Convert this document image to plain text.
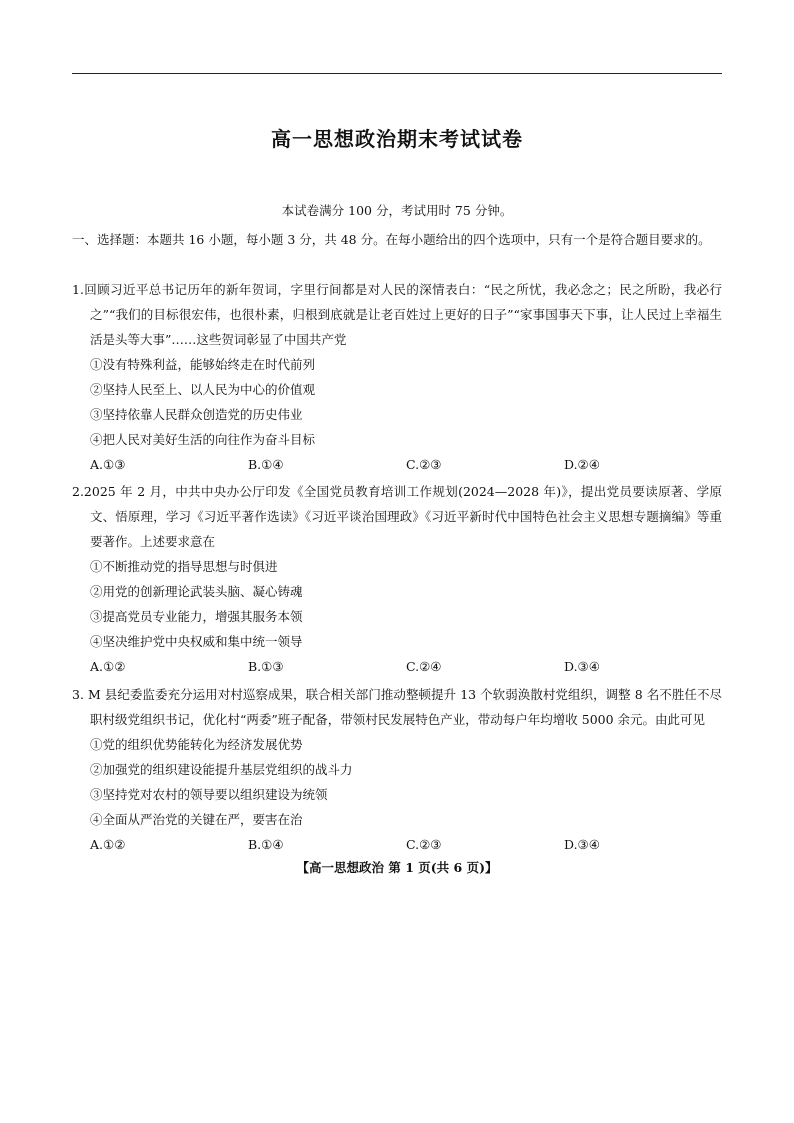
高一思想政治期末考试试卷
本试卷满分 100 分，考试用时 75 分钟。
一、选择题：本题共 16 小题，每小题 3 分，共 48 分。在每小题给出的四个选项中，只有一个是符合题目要求的。
1.回顾习近平总书记历年的新年贺词，字里行间都是对人民的深情表白：“民之所忧，我必念之；民之所盼，我必行之”“我们的目标很宏伟，也很朴素，归根到底就是让老百姓过上更好的日子”“家事国事天下事，让人民过上幸福生活是头等大事”……这些贺词彰显了中国共产党
①没有特殊利益，能够始终走在时代前列
②坚持人民至上、以人民为中心的价值观
③坚持依靠人民群众创造党的历史伟业
④把人民对美好生活的向往作为奋斗目标
A.①③	B.①④	C.②③	D.②④
2.2025 年 2 月，中共中央办公厅印发《全国党员教育培训工作规划(2024—2028 年)》，提出党员要读原著、学原文、悟原理，学习《习近平著作选读》《习近平谈治国理政》《习近平新时代中国特色社会主义思想专题摘编》等重要著作。上述要求意在
①不断推动党的指导思想与时俱进
②用党的创新理论武装头脑、凝心铸魂
③提高党员专业能力，增强其服务本领
④坚决维护党中央权威和集中统一领导
A.①②	B.①③	C.②④	D.③④
3. M 县纪委监委充分运用对村巡察成果，联合相关部门推动整顿提升 13 个软弱涣散村党组织，调整 8 名不胜任不尽职村级党组织书记，优化村“两委”班子配备，带领村民发展特色产业，带动每户年均增收 5000 余元。由此可见
①党的组织优势能转化为经济发展优势
②加强党的组织建设能提升基层党组织的战斗力
③坚持党对农村的领导要以组织建设为统领
④全面从严治党的关键在严，要害在治
A.①②	B.①④	C.②③	D.③④
【高一思想政治 第 1 页(共 6 页)】
